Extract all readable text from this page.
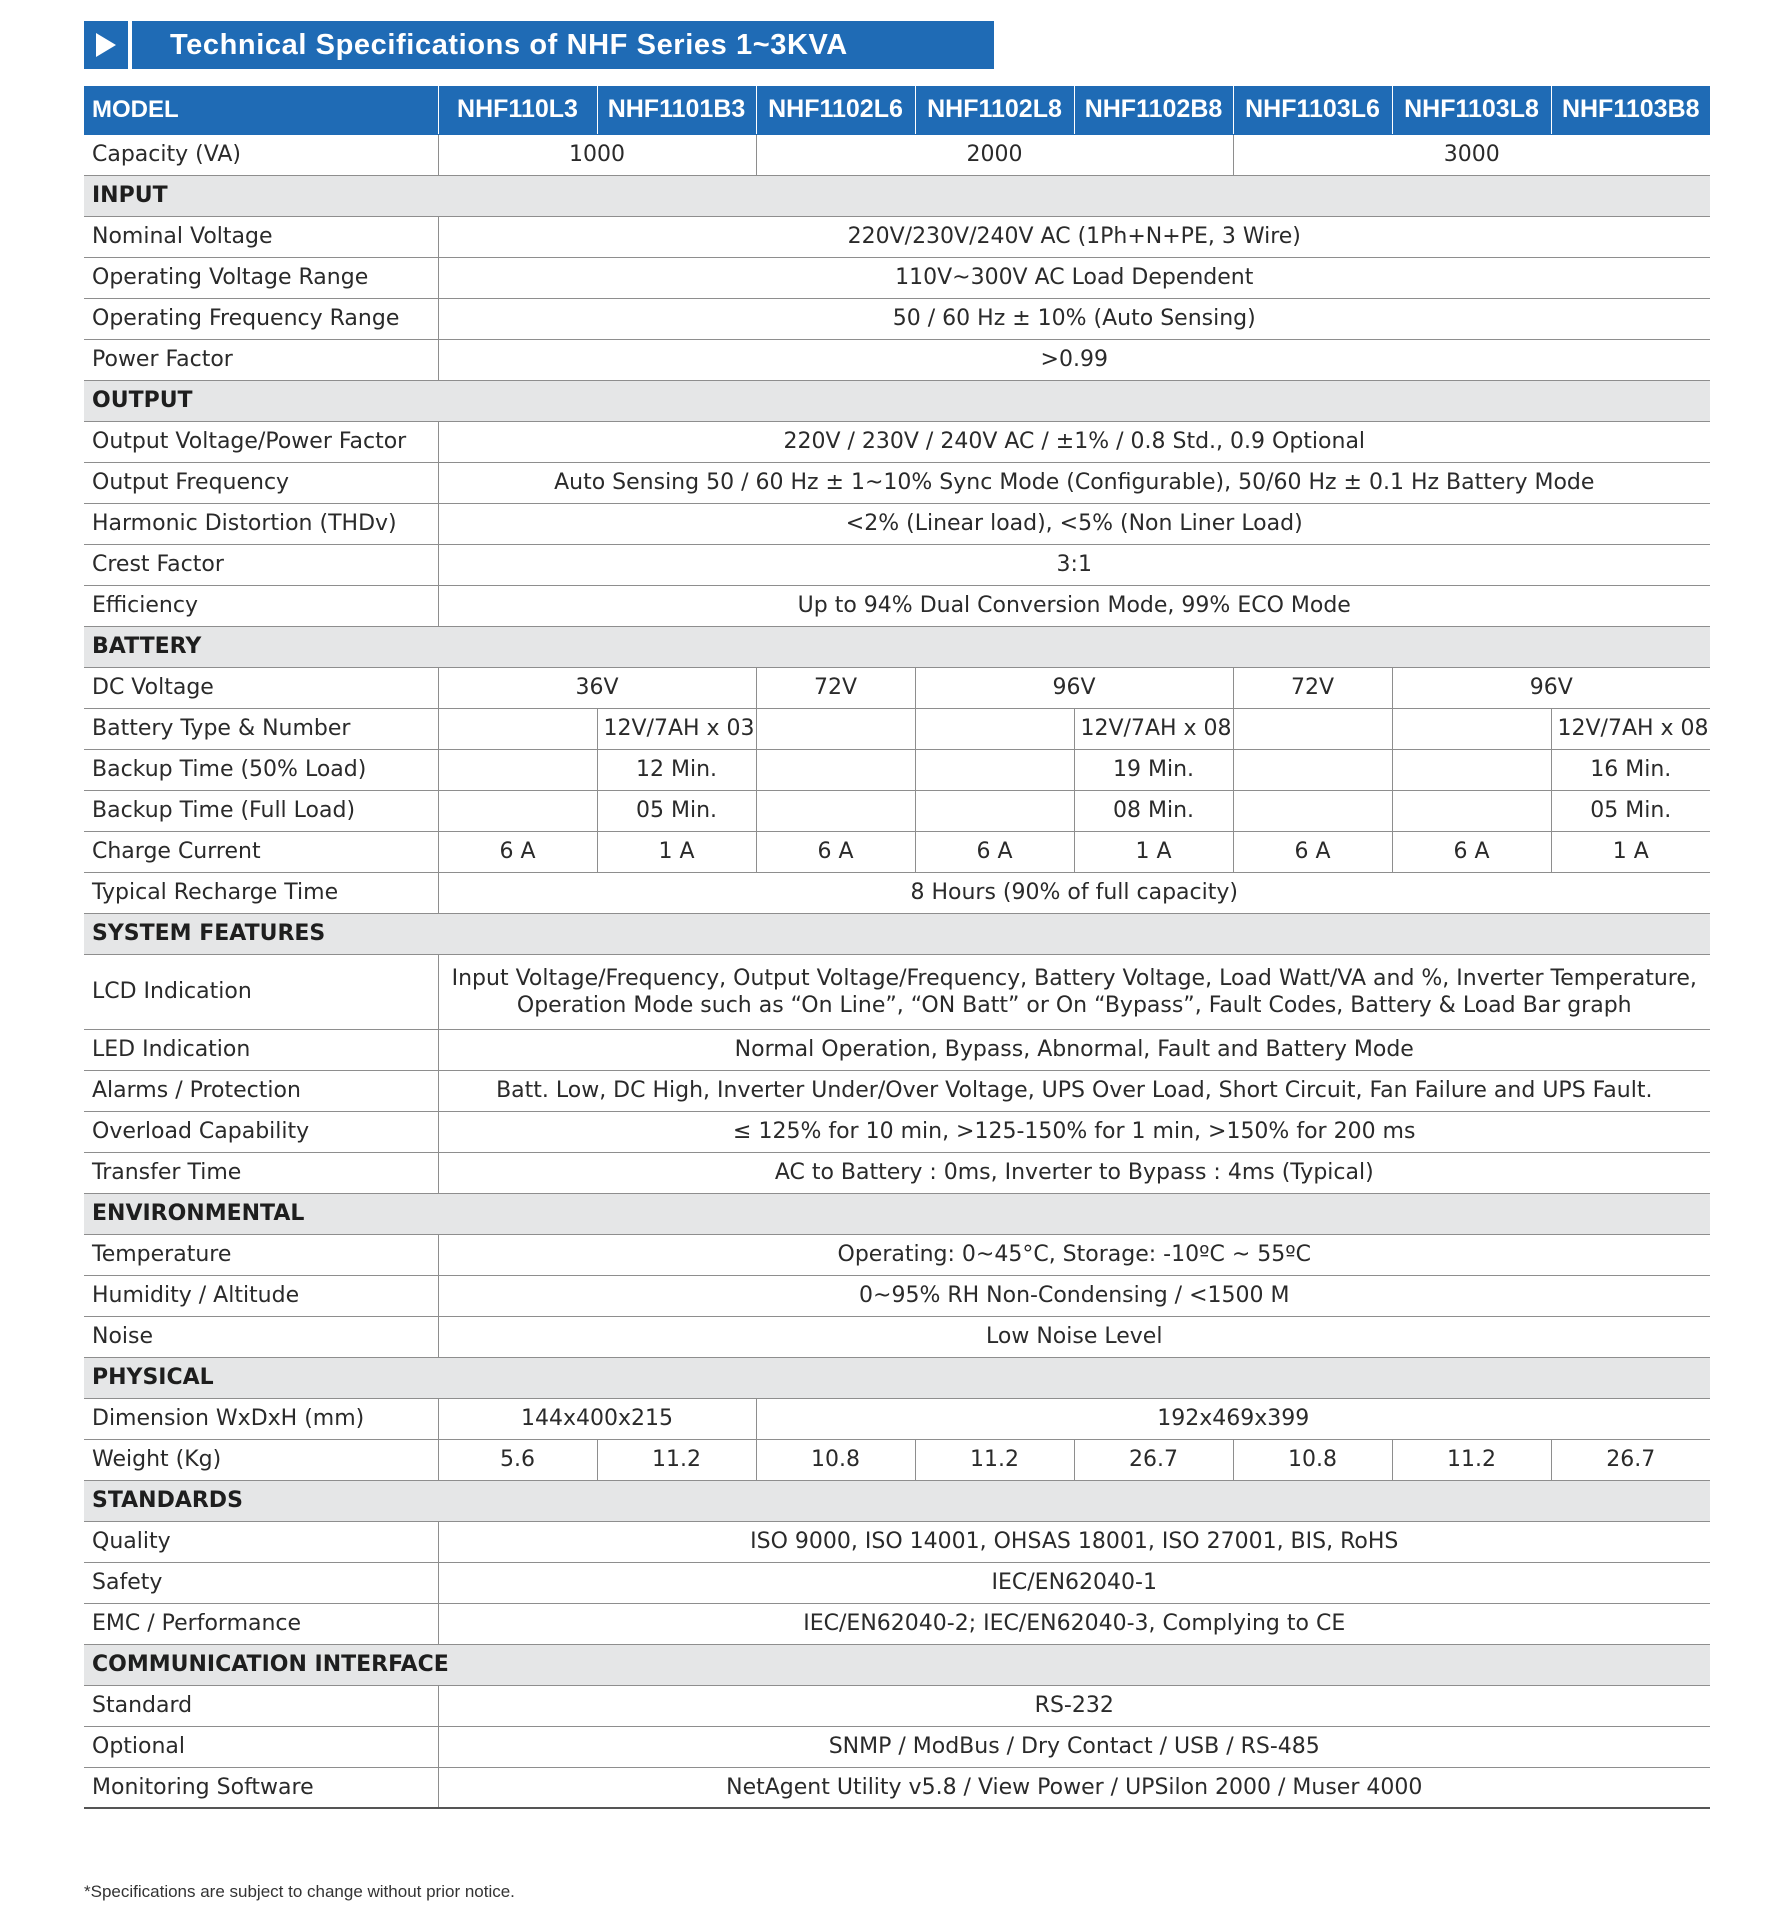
Technical Specifications of NHF Series 1~3KVA
MODEL	NHF110L3	NHF1101B3	NHF1102L6	NHF1102L8	NHF1102B8	NHF1103L6	NHF1103L8	NHF1103B8
Capacity (VA)	1000		2000			3000		
INPUT								
Nominal Voltage	220V/230V/240V AC (1Ph+N+PE, 3 Wire)							
Operating Voltage Range	110V~300V AC Load Dependent							
Operating Frequency Range	50 / 60 Hz ± 10% (Auto Sensing)							
Power Factor	>0.99							
OUTPUT								
Output Voltage/Power Factor	220V / 230V / 240V AC / ±1% / 0.8 Std., 0.9 Optional							
Output Frequency	Auto Sensing 50 / 60 Hz ± 1~10% Sync Mode (Configurable), 50/60 Hz ± 0.1 Hz Battery Mode							
Harmonic Distortion (THDv)	<2% (Linear load), <5% (Non Liner Load)							
Crest Factor	3:1							
Efficiency	Up to 94% Dual Conversion Mode, 99% ECO Mode							
BATTERY								
DC Voltage	36V		72V	96V		72V	96V	
Battery Type & Number		12V/7AH x 03			12V/7AH x 08			12V/7AH x 08
Backup Time (50% Load)		12 Min.			19 Min.			16 Min.
Backup Time (Full Load)		05 Min.			08 Min.			05 Min.
Charge Current	6 A	1 A	6 A	6 A	1 A	6 A	6 A	1 A
Typical Recharge Time	8 Hours (90% of full capacity)							
SYSTEM FEATURES								
LCD Indication	Input Voltage/Frequency, Output Voltage/Frequency, Battery Voltage, Load Watt/VA and %, Inverter Temperature, Operation Mode such as “On Line”, “ON Batt” or On “Bypass”, Fault Codes, Battery & Load Bar graph							
LED Indication	Normal Operation, Bypass, Abnormal, Fault and Battery Mode							
Alarms / Protection	Batt. Low, DC High, Inverter Under/Over Voltage, UPS Over Load, Short Circuit, Fan Failure and UPS Fault.							
Overload Capability	≤ 125% for 10 min, >125-150% for 1 min, >150% for 200 ms							
Transfer Time	AC to Battery : 0ms, Inverter to Bypass : 4ms (Typical)							
ENVIRONMENTAL								
Temperature	Operating: 0~45°C, Storage: -10ºC ~ 55ºC							
Humidity / Altitude	0~95% RH Non-Condensing / <1500 M							
Noise	Low Noise Level							
PHYSICAL								
Dimension WxDxH (mm)	144x400x215		192x469x399					
Weight (Kg)	5.6	11.2	10.8	11.2	26.7	10.8	11.2	26.7
STANDARDS								
Quality	ISO 9000, ISO 14001, OHSAS 18001, ISO 27001, BIS, RoHS							
Safety	IEC/EN62040-1							
EMC / Performance	IEC/EN62040-2; IEC/EN62040-3, Complying to CE							
COMMUNICATION INTERFACE								
Standard	RS-232							
Optional	SNMP / ModBus / Dry Contact / USB / RS-485							
Monitoring Software	NetAgent Utility v5.8 / View Power / UPSilon 2000 / Muser 4000							
*Specifications are subject to change without prior notice.
